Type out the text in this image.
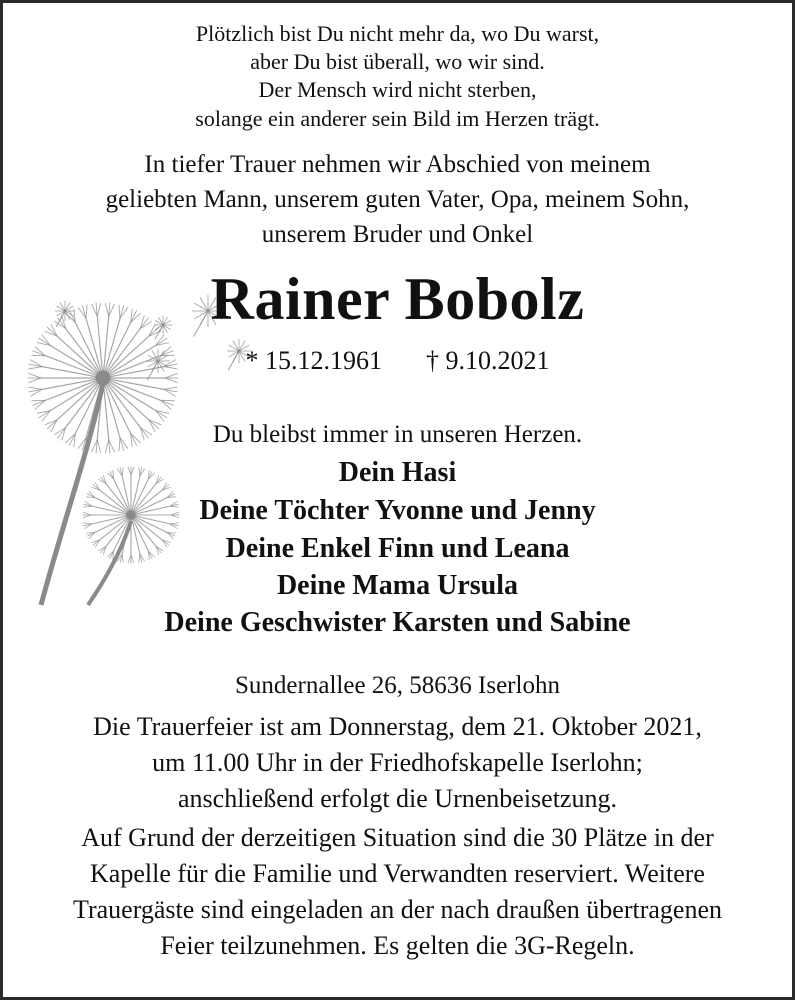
Plötzlich bist Du nicht mehr da, wo Du warst,
aber Du bist überall, wo wir sind.
Der Mensch wird nicht sterben,
solange ein anderer sein Bild im Herzen trägt.
In tiefer Trauer nehmen wir Abschied von meinem
geliebten Mann, unserem guten Vater, Opa, meinem Sohn,
unserem Bruder und Onkel
Rainer Bobolz
* 15.12.1961 † 9.10.2021
Du bleibst immer in unseren Herzen.
Dein Hasi
Deine Töchter Yvonne und Jenny
Deine Enkel Finn und Leana
Deine Mama Ursula
Deine Geschwister Karsten und Sabine
Sundernallee 26, 58636 Iserlohn
Die Trauerfeier ist am Donnerstag, dem 21. Oktober 2021,
um 11.00 Uhr in der Friedhofskapelle Iserlohn;
anschließend erfolgt die Urnenbeisetzung.
Auf Grund der derzeitigen Situation sind die 30 Plätze in der
Kapelle für die Familie und Verwandten reserviert. Weitere
Trauergäste sind eingeladen an der nach draußen übertragenen
Feier teilzunehmen. Es gelten die 3G-Regeln.
